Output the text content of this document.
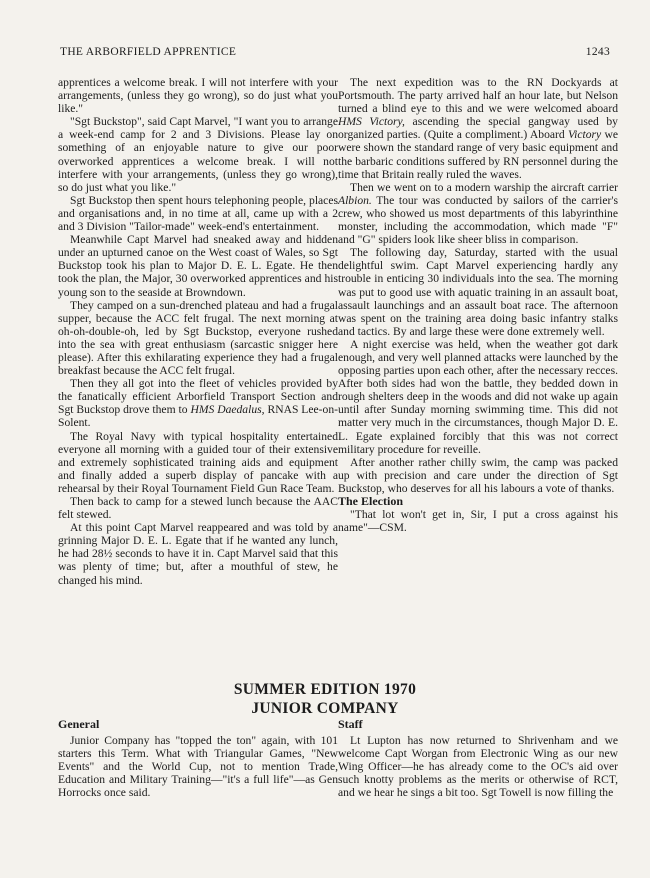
THE ARBORFIELD APPRENTICE	1243

apprentices a welcome break. I will not interfere with your arrangements, (unless they go wrong), so do just what you like."

"Sgt Buckstop", said Capt Marvel, "I want you to arrange a week-end camp for 2 and 3 Divisions. Please lay on something of an enjoyable nature to give our poor overworked apprentices a welcome break. I will not interfere with your arrangements, (unless they go wrong), so do just what you like."

Sgt Buckstop then spent hours telephoning people, places and organisations and, in no time at all, came up with a 2 and 3 Division "Tailor-made" week-end's entertainment.

Meanwhile Capt Marvel had sneaked away and hidden under an upturned canoe on the West coast of Wales, so Sgt Buckstop took his plan to Major D. E. L. Egate. He then took the plan, the Major, 30 overworked apprentices and his young son to the seaside at Browndown.

They camped on a sun-drenched plateau and had a frugal supper, because the ACC felt frugal. The next morning at oh-oh-double-oh, led by Sgt Buckstop, everyone rushed into the sea with great enthusiasm (sarcastic snigger here please). After this exhilarating experience they had a frugal breakfast because the ACC felt frugal.

Then they all got into the fleet of vehicles provided by the fanatically efficient Arborfield Transport Section and Sgt Buckstop drove them to HMS Daedalus, RNAS Lee-on-Solent.

The Royal Navy with typical hospitality entertained everyone all morning with a guided tour of their extensive and extremely sophisticated training aids and equipment and finally added a superb display of pancake with a rehearsal by their Royal Tournament Field Gun Race Team.

Then back to camp for a stewed lunch because the AAC felt stewed.

At this point Capt Marvel reappeared and was told by a grinning Major D. E. L. Egate that if he wanted any lunch, he had 28½ seconds to have it in. Capt Marvel said that this was plenty of time; but, after a mouthful of stew, he changed his mind.

The next expedition was to the RN Dockyards at Portsmouth. The party arrived half an hour late, but Nelson turned a blind eye to this and we were welcomed aboard HMS Victory, ascending the special gangway used by organized parties. (Quite a compliment.) Aboard Victory we were shown the standard range of very basic equipment and the barbaric conditions suffered by RN personnel during the time that Britain really ruled the waves.

Then we went on to a modern warship the aircraft carrier Albion. The tour was conducted by sailors of the carrier's crew, who showed us most departments of this labyrinthine monster, including the accommodation, which made "F" and "G" spiders look like sheer bliss in comparison.

The following day, Saturday, started with the usual delightful swim. Capt Marvel experiencing hardly any trouble in enticing 30 individuals into the sea. The morning was put to good use with aquatic training in an assault boat, assault launchings and an assault boat race. The afternoon was spent on the training area doing basic infantry stalks and tactics. By and large these were done extremely well.

A night exercise was held, when the weather got dark enough, and very well planned attacks were launched by the opposing parties upon each other, after the necessary recces. After both sides had won the battle, they bedded down in rough shelters deep in the woods and did not wake up again until after Sunday morning swimming time. This did not matter very much in the circumstances, though Major D. E. L. Egate explained forcibly that this was not correct military procedure for reveille.

After another rather chilly swim, the camp was packed up with precision and care under the direction of Sgt Buckstop, who deserves for all his labours a vote of thanks.

The Election

"That lot won't get in, Sir, I put a cross against his name"—CSM.

SUMMER EDITION 1970
JUNIOR COMPANY

General

Junior Company has "topped the ton" again, with 101 starters this Term. What with Triangular Games, "New Events" and the World Cup, not to mention Trade, Education and Military Training—"it's a full life"—as Gen Horrocks once said.

Staff

Lt Lupton has now returned to Shrivenham and we welcome Capt Worgan from Electronic Wing as our new Wing Officer—he has already come to the OC's aid over such knotty problems as the merits or otherwise of RCT, and we hear he sings a bit too. Sgt Towell is now filling the
